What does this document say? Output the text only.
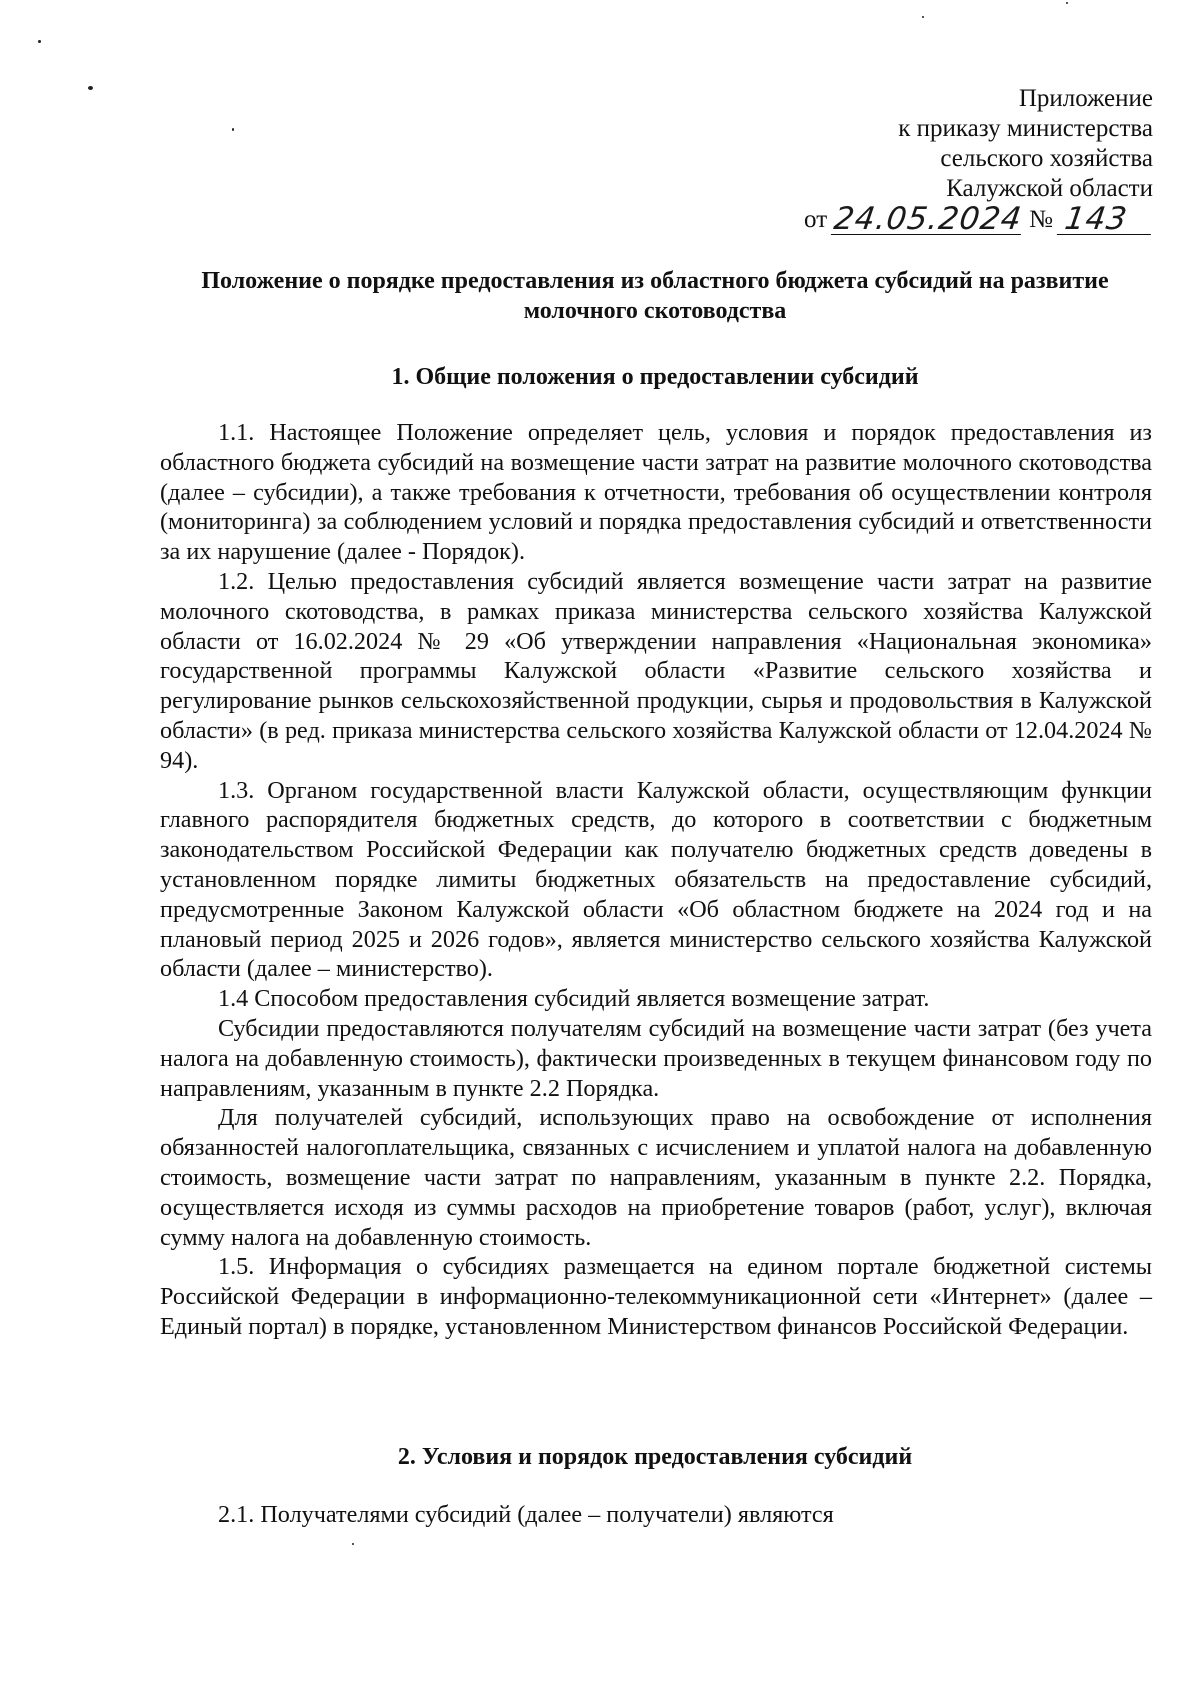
Приложение
к приказу министерства
сельского хозяйства
Калужской области
от 24.05.2024 № 143
Положение о порядке предоставления из областного бюджета субсидий на развитие молочного скотоводства
1. Общие положения о предоставлении субсидий

1.1. Настоящее Положение определяет цель, условия и порядок предоставления из областного бюджета субсидий на возмещение части затрат на развитие молочного скотоводства (далее – субсидии), а также требования к отчетности, требования об осуществлении контроля (мониторинга) за соблюдением условий и порядка предоставления субсидий и ответственности за их нарушение (далее - Порядок).

1.2. Целью предоставления субсидий является возмещение части затрат на развитие молочного скотоводства, в рамках приказа министерства сельского хозяйства Калужской области от 16.02.2024 № 29 «Об утверждении направления «Национальная экономика» государственной программы Калужской области «Развитие сельского хозяйства и регулирование рынков сельскохозяйственной продукции, сырья и продовольствия в Калужской области» (в ред. приказа министерства сельского хозяйства Калужской области от 12.04.2024 № 94).

1.3. Органом государственной власти Калужской области, осуществляющим функции главного распорядителя бюджетных средств, до которого в соответствии с бюджетным законодательством Российской Федерации как получателю бюджетных средств доведены в установленном порядке лимиты бюджетных обязательств на предоставление субсидий, предусмотренные Законом Калужской области «Об областном бюджете на 2024 год и на плановый период 2025 и 2026 годов», является министерство сельского хозяйства Калужской области (далее – министерство).

1.4 Способом предоставления субсидий является возмещение затрат.

Субсидии предоставляются получателям субсидий на возмещение части затрат (без учета налога на добавленную стоимость), фактически произведенных в текущем финансовом году по направлениям, указанным в пункте 2.2 Порядка.

Для получателей субсидий, использующих право на освобождение от исполнения обязанностей налогоплательщика, связанных с исчислением и уплатой налога на добавленную стоимость, возмещение части затрат по направлениям, указанным в пункте 2.2. Порядка, осуществляется исходя из суммы расходов на приобретение товаров (работ, услуг), включая сумму налога на добавленную стоимость.

1.5. Информация о субсидиях размещается на едином портале бюджетной системы Российской Федерации в информационно-телекоммуникационной сети «Интернет» (далее – Единый портал) в порядке, установленном Министерством финансов Российской Федерации.

2. Условия и порядок предоставления субсидий

2.1. Получателями субсидий (далее – получатели) являются
